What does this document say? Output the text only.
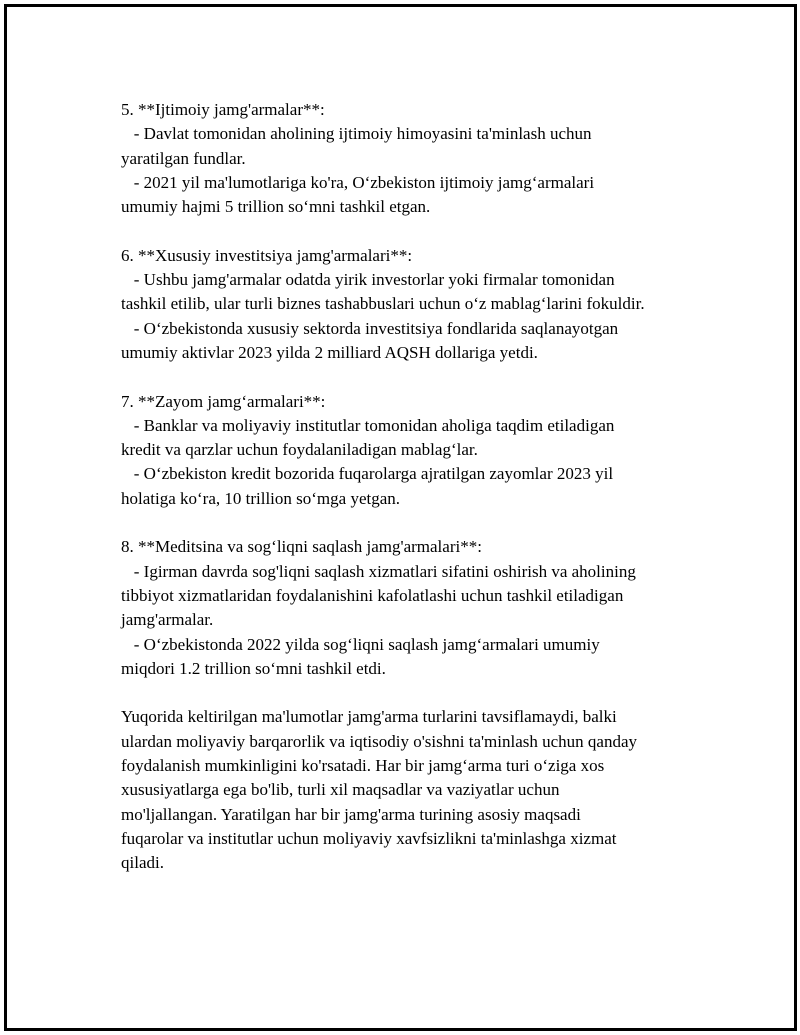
5. **Ijtimoiy jamg'armalar**:
- Davlat tomonidan aholining ijtimoiy himoyasini ta'minlash uchun
yaratilgan fundlar.
- 2021 yil ma'lumotlariga ko'ra, O‘zbekiston ijtimoiy jamg‘armalari
umumiy hajmi 5 trillion so‘mni tashkil etgan.
6. **Xususiy investitsiya jamg'armalari**:
- Ushbu jamg'armalar odatda yirik investorlar yoki firmalar tomonidan
tashkil etilib, ular turli biznes tashabbuslari uchun o‘z mablag‘larini fokuldir.
- O‘zbekistonda xususiy sektorda investitsiya fondlarida saqlanayotgan
umumiy aktivlar 2023 yilda 2 milliard AQSH dollariga yetdi.
7. **Zayom jamg‘armalari**:
- Banklar va moliyaviy institutlar tomonidan aholiga taqdim etiladigan
kredit va qarzlar uchun foydalaniladigan mablag‘lar.
- O‘zbekiston kredit bozorida fuqarolarga ajratilgan zayomlar 2023 yil
holatiga ko‘ra, 10 trillion so‘mga yetgan.
8. **Meditsina va sog‘liqni saqlash jamg'armalari**:
- Igirman davrda sog'liqni saqlash xizmatlari sifatini oshirish va aholining
tibbiyot xizmatlaridan foydalanishini kafolatlashi uchun tashkil etiladigan
jamg'armalar.
- O‘zbekistonda 2022 yilda sog‘liqni saqlash jamg‘armalari umumiy
miqdori 1.2 trillion so‘mni tashkil etdi.
Yuqorida keltirilgan ma'lumotlar jamg'arma turlarini tavsiflamaydi, balki
ulardan moliyaviy barqarorlik va iqtisodiy o'sishni ta'minlash uchun qanday
foydalanish mumkinligini ko'rsatadi. Har bir jamg‘arma turi o‘ziga xos
xususiyatlarga ega bo'lib, turli xil maqsadlar va vaziyatlar uchun
mo'ljallangan. Yaratilgan har bir jamg'arma turining asosiy maqsadi
fuqarolar va institutlar uchun moliyaviy xavfsizlikni ta'minlashga xizmat
qiladi.
